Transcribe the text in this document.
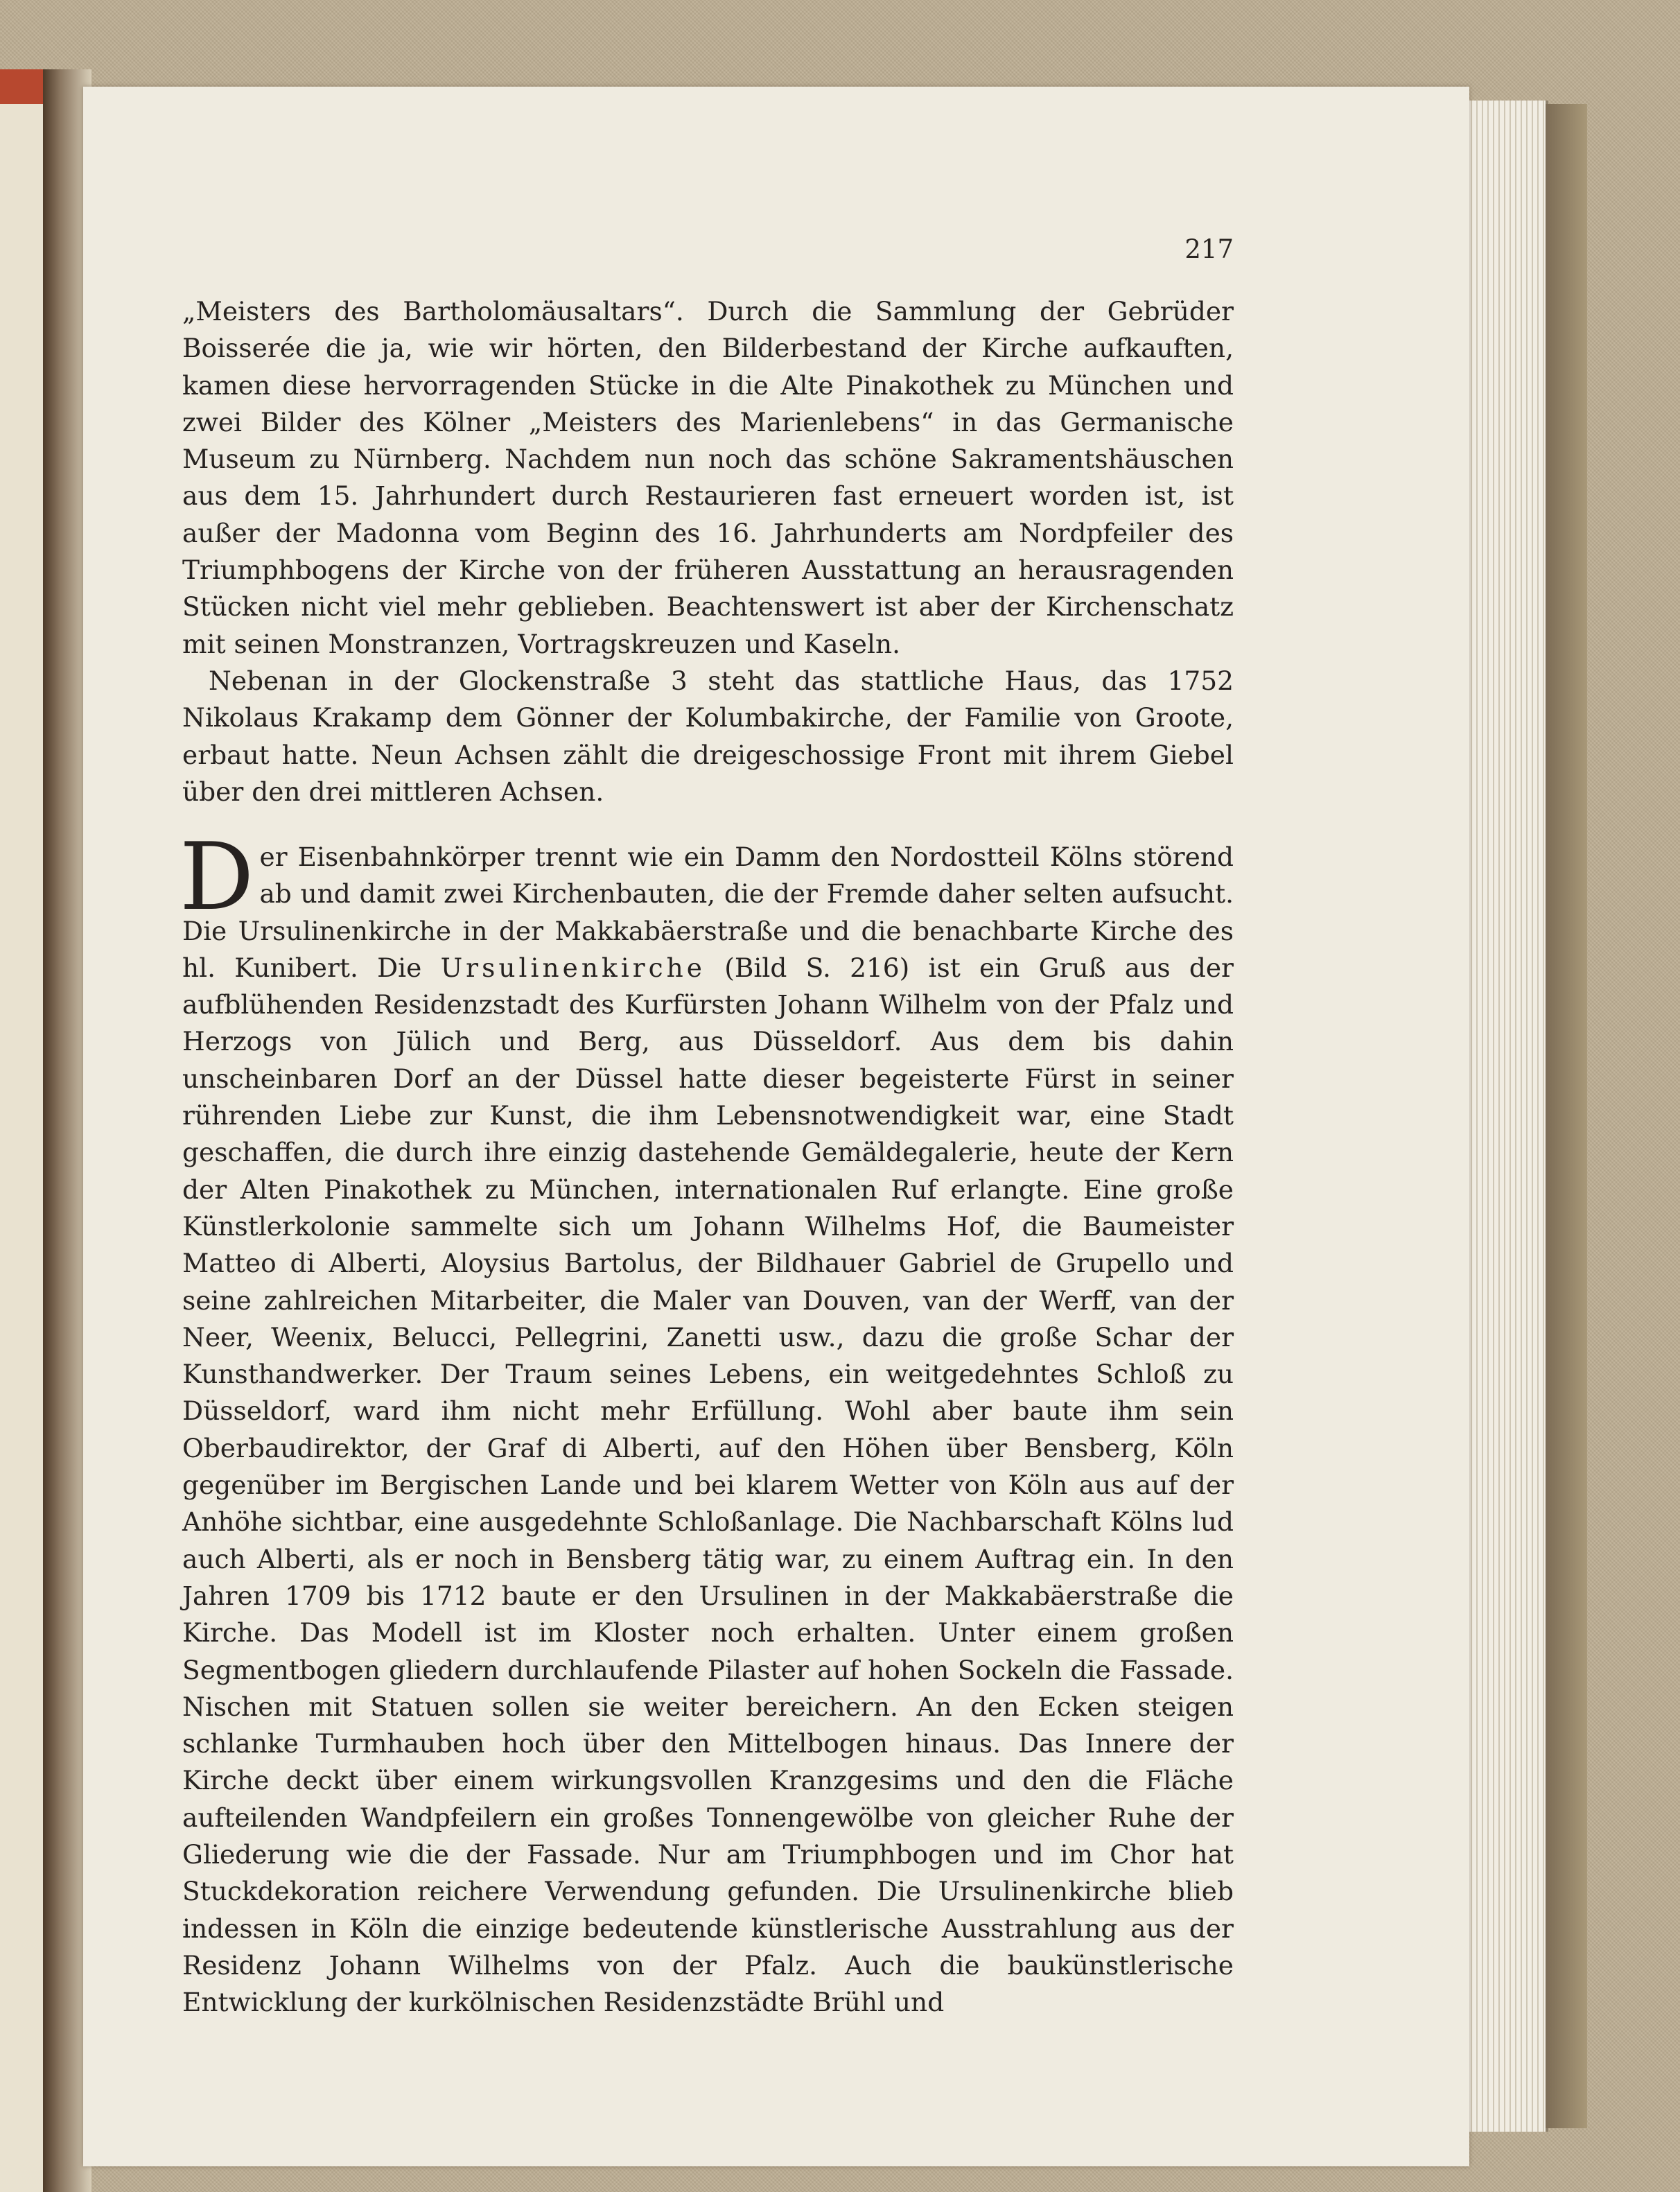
217

„Meisters des Bartholomäusaltars“. Durch die Sammlung der Gebrüder Boisserée die ja, wie wir hörten, den Bilderbestand der Kirche aufkauften, kamen diese hervorragenden Stücke in die Alte Pinakothek zu München und zwei Bilder des Kölner „Meisters des Marienlebens“ in das Germanische Museum zu Nürnberg. Nachdem nun noch das schöne Sakramentshäuschen aus dem 15. Jahrhundert durch Restaurieren fast erneuert worden ist, ist außer der Madonna vom Beginn des 16. Jahrhunderts am Nordpfeiler des Triumphbogens der Kirche von der früheren Ausstattung an herausragenden Stücken nicht viel mehr geblieben. Beachtenswert ist aber der Kirchenschatz mit seinen Monstranzen, Vortragskreuzen und Kaseln.

Nebenan in der Glockenstraße 3 steht das stattliche Haus, das 1752 Nikolaus Krakamp dem Gönner der Kolumbakirche, der Familie von Groote, erbaut hatte. Neun Achsen zählt die dreigeschossige Front mit ihrem Giebel über den drei mittleren Achsen.

Der Eisenbahnkörper trennt wie ein Damm den Nordostteil Kölns störend ab und damit zwei Kirchenbauten, die der Fremde daher selten aufsucht. Die Ursulinenkirche in der Makkabäerstraße und die benachbarte Kirche des hl. Kunibert. Die Ursulinenkirche (Bild S. 216) ist ein Gruß aus der aufblühenden Residenzstadt des Kurfürsten Johann Wilhelm von der Pfalz und Herzogs von Jülich und Berg, aus Düsseldorf. Aus dem bis dahin unscheinbaren Dorf an der Düssel hatte dieser begeisterte Fürst in seiner rührenden Liebe zur Kunst, die ihm Lebensnotwendigkeit war, eine Stadt geschaffen, die durch ihre einzig dastehende Gemäldegalerie, heute der Kern der Alten Pinakothek zu München, internationalen Ruf erlangte. Eine große Künstlerkolonie sammelte sich um Johann Wilhelms Hof, die Baumeister Matteo di Alberti, Aloysius Bartolus, der Bildhauer Gabriel de Grupello und seine zahlreichen Mitarbeiter, die Maler van Douven, van der Werff, van der Neer, Weenix, Belucci, Pellegrini, Zanetti usw., dazu die große Schar der Kunsthandwerker. Der Traum seines Lebens, ein weitgedehntes Schloß zu Düsseldorf, ward ihm nicht mehr Erfüllung. Wohl aber baute ihm sein Oberbaudirektor, der Graf di Alberti, auf den Höhen über Bensberg, Köln gegenüber im Bergischen Lande und bei klarem Wetter von Köln aus auf der Anhöhe sichtbar, eine ausgedehnte Schloßanlage. Die Nachbarschaft Kölns lud auch Alberti, als er noch in Bensberg tätig war, zu einem Auftrag ein. In den Jahren 1709 bis 1712 baute er den Ursulinen in der Makkabäerstraße die Kirche. Das Modell ist im Kloster noch erhalten. Unter einem großen Segmentbogen gliedern durchlaufende Pilaster auf hohen Sockeln die Fassade. Nischen mit Statuen sollen sie weiter bereichern. An den Ecken steigen schlanke Turmhauben hoch über den Mittelbogen hinaus. Das Innere der Kirche deckt über einem wirkungsvollen Kranzgesims und den die Fläche aufteilenden Wandpfeilern ein großes Tonnengewölbe von gleicher Ruhe der Gliederung wie die der Fassade. Nur am Triumphbogen und im Chor hat Stuckdekoration reichere Verwendung gefunden. Die Ursulinenkirche blieb indessen in Köln die einzige bedeutende künstlerische Ausstrahlung aus der Residenz Johann Wilhelms von der Pfalz. Auch die baukünstlerische Entwicklung der kurkölnischen Residenzstädte Brühl und
